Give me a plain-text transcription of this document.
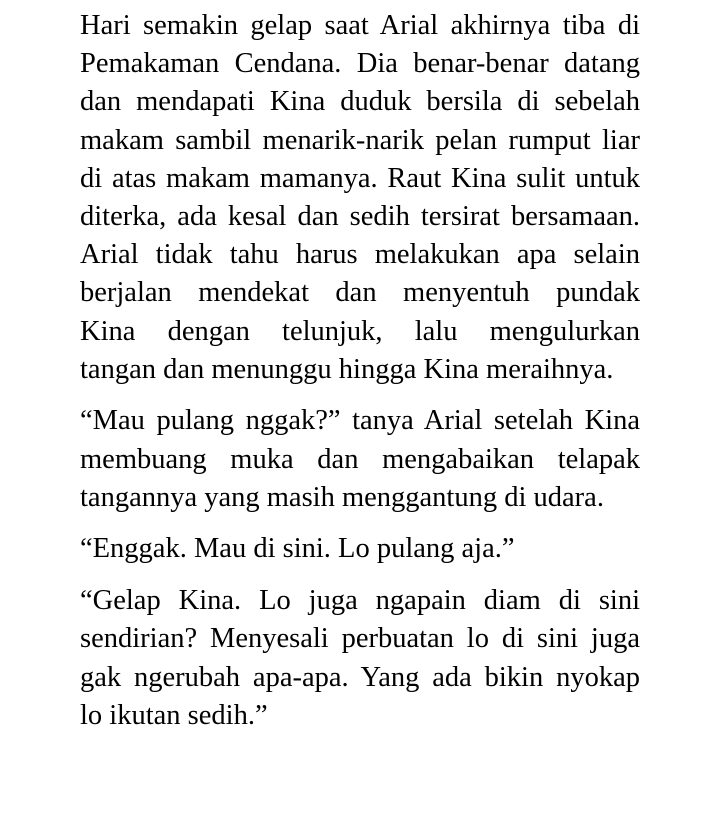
Hari semakin gelap saat Arial akhirnya tiba di
Pemakaman Cendana. Dia benar-benar datang
dan mendapati Kina duduk bersila di sebelah
makam sambil menarik-narik pelan rumput liar
di atas makam mamanya. Raut Kina sulit untuk
diterka, ada kesal dan sedih tersirat bersamaan.
Arial tidak tahu harus melakukan apa selain
berjalan mendekat dan menyentuh pundak
Kina dengan telunjuk, lalu mengulurkan
tangan dan menunggu hingga Kina meraihnya.

“Mau pulang nggak?” tanya Arial setelah Kina
membuang muka dan mengabaikan telapak
tangannya yang masih menggantung di udara.

“Enggak. Mau di sini. Lo pulang aja.”

“Gelap Kina. Lo juga ngapain diam di sini
sendirian? Menyesali perbuatan lo di sini juga
gak ngerubah apa-apa. Yang ada bikin nyokap
lo ikutan sedih.”
